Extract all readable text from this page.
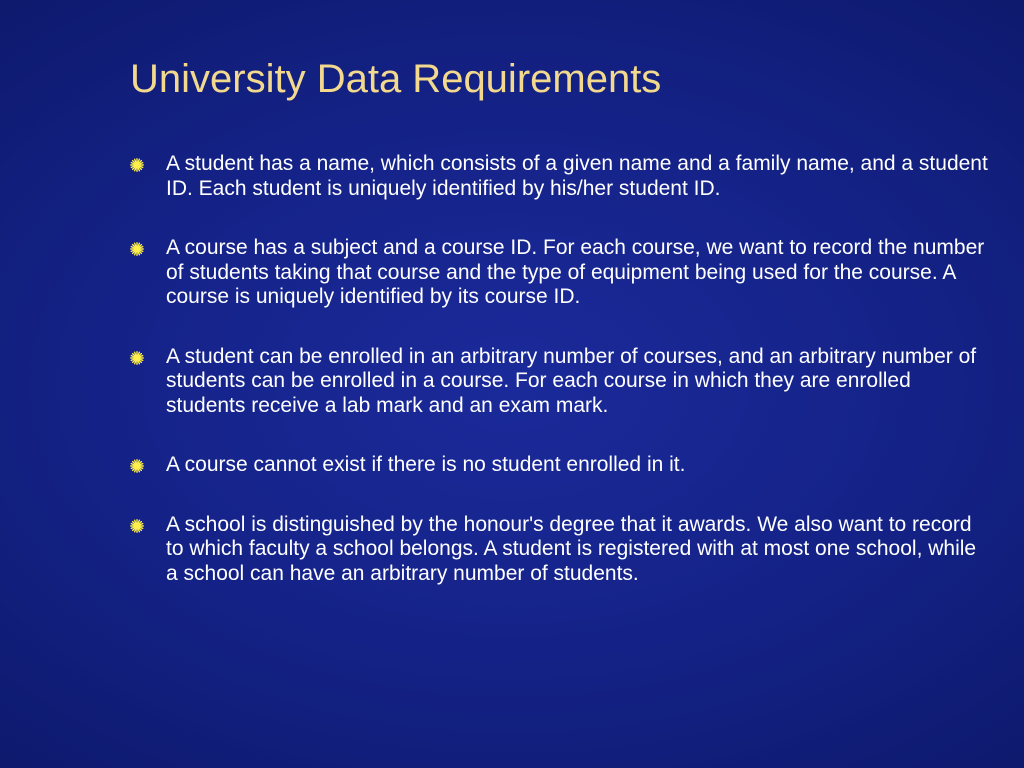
University Data Requirements
A student has a name, which consists of a given name and a family name, and a student ID. Each student is uniquely identified by his/her student ID.
A course has a subject and a course ID. For each course, we want to record the number of students taking that course and the type of equipment being used for the course. A course is uniquely identified by its course ID.
A student can be enrolled in an arbitrary number of courses, and an arbitrary number of students can be enrolled in a course. For each course in which they are enrolled students receive a lab mark and an exam mark.
A course cannot exist if there is no student enrolled in it.
A school is distinguished by the honour's degree that it awards. We also want to record to which faculty a school belongs. A student is registered with at most one school, while a school can have an arbitrary number of students.
